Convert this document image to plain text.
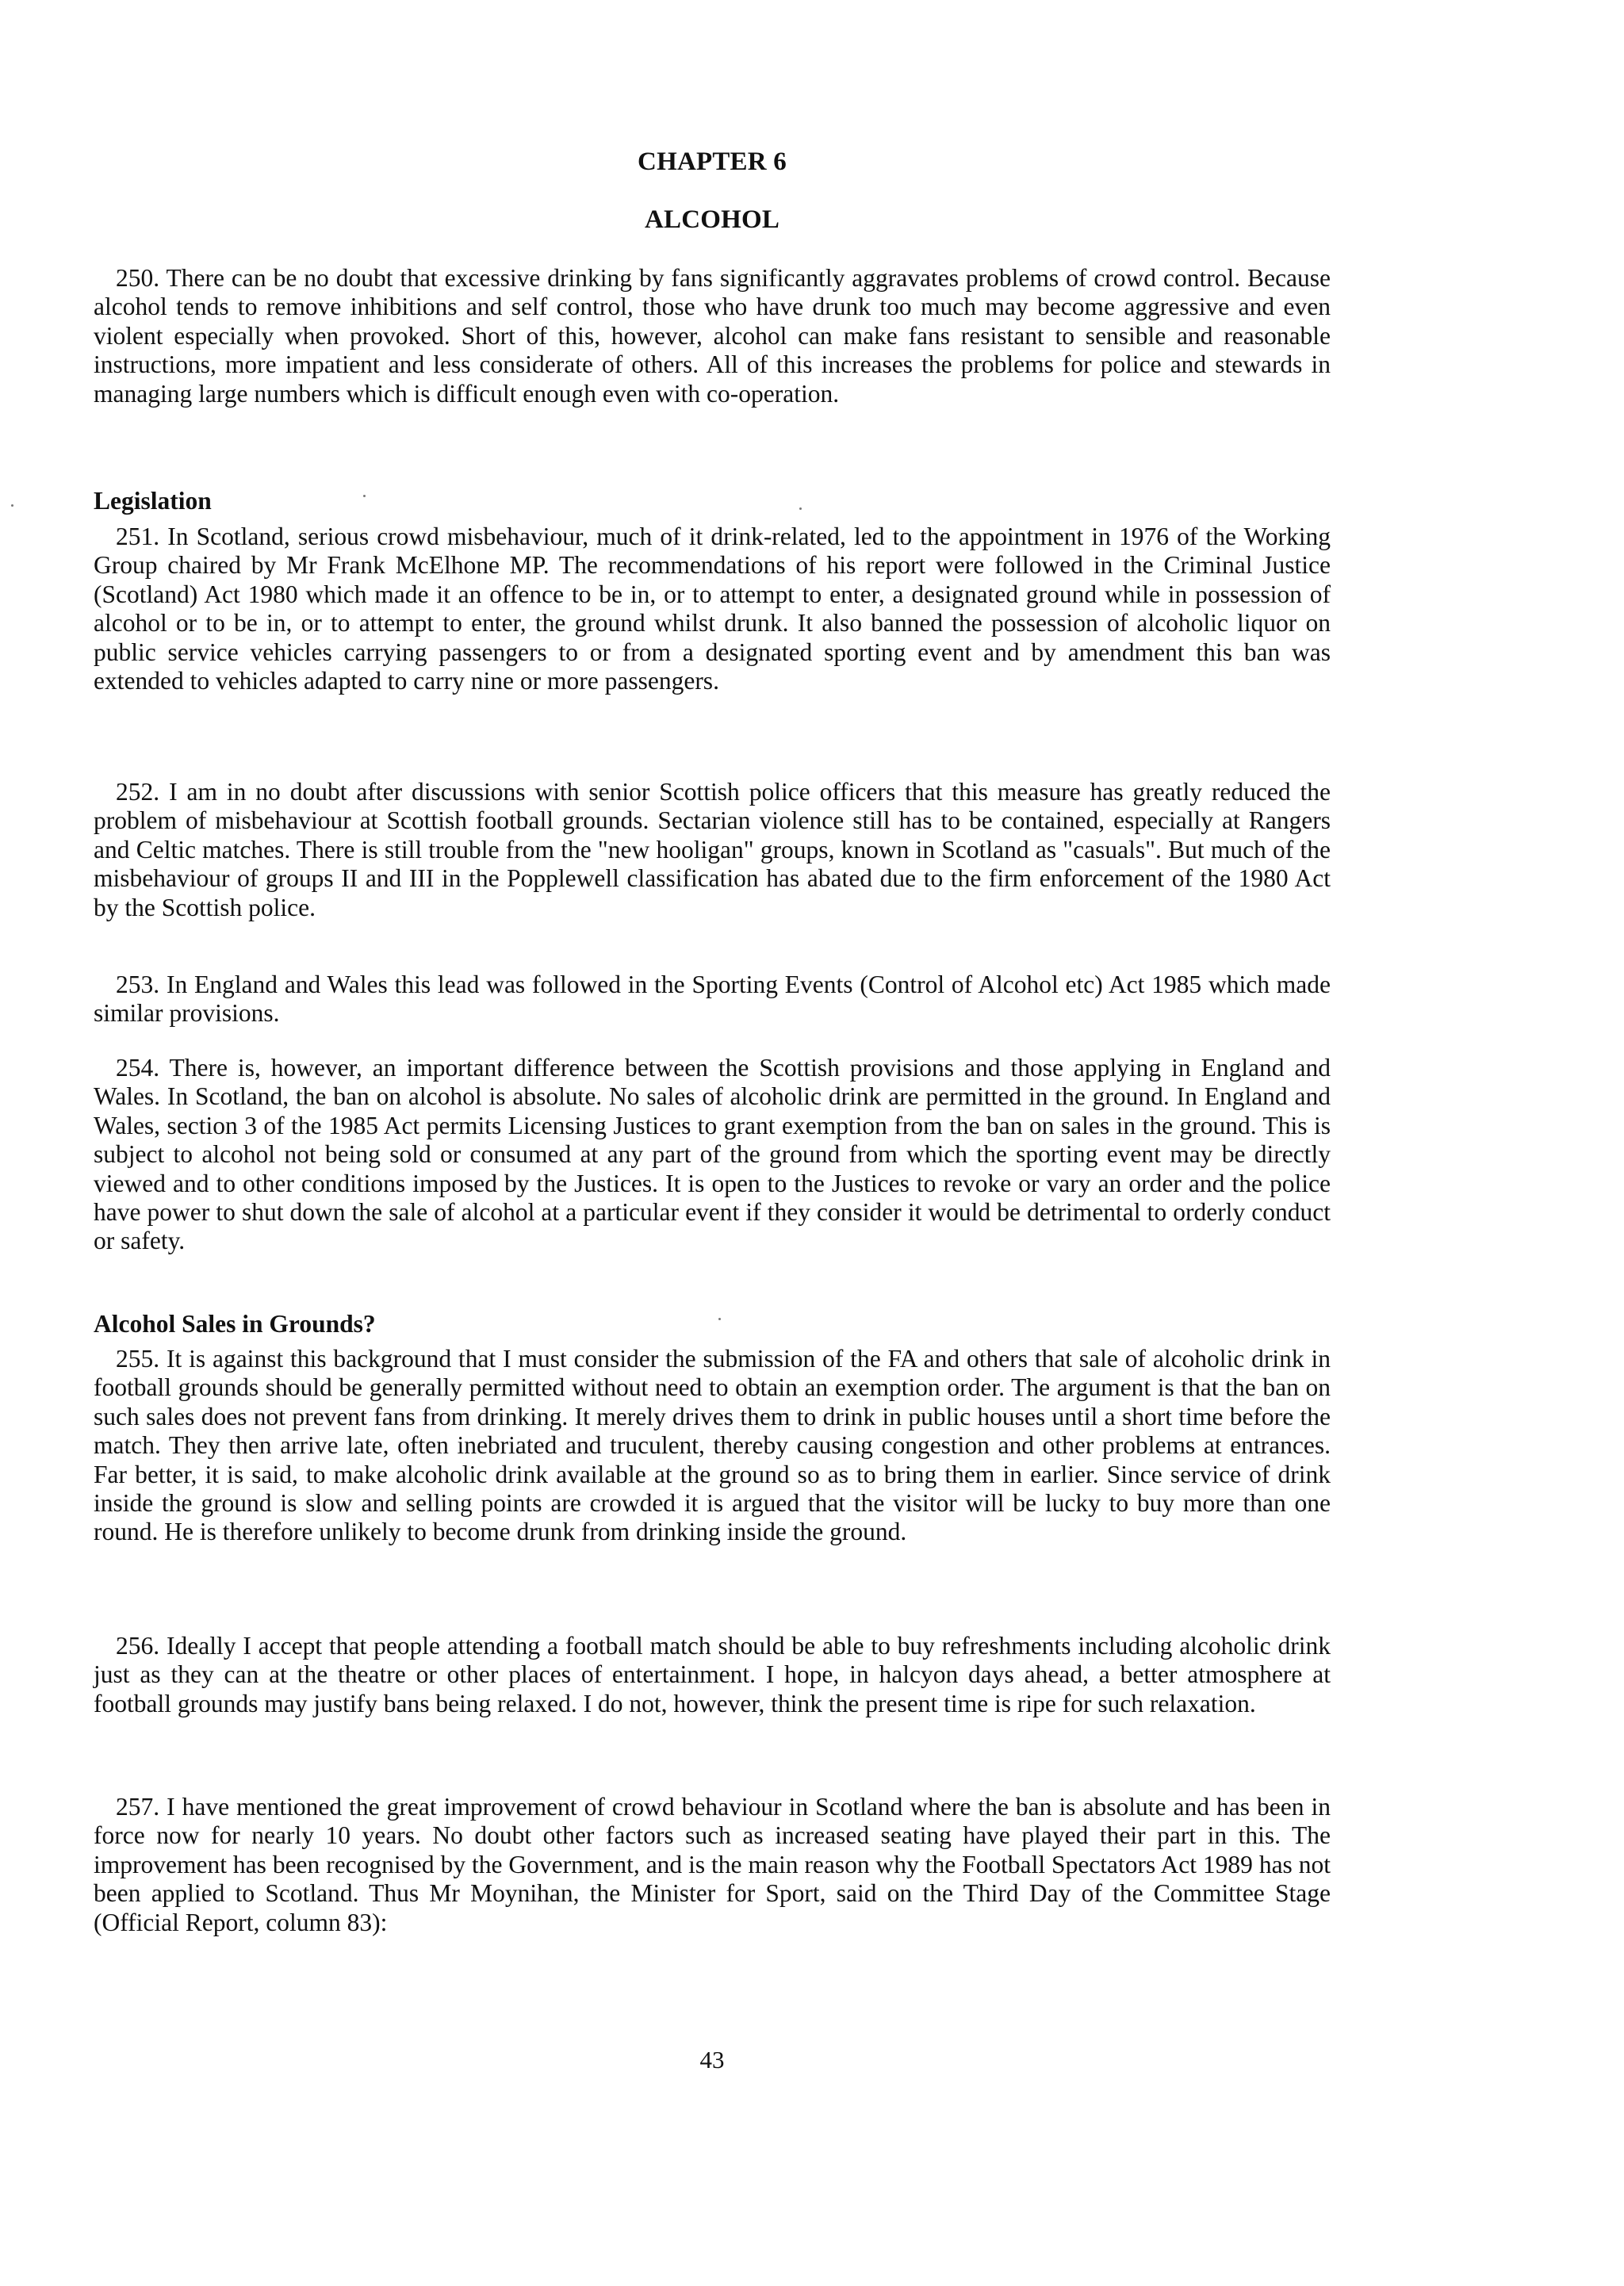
CHAPTER 6
ALCOHOL

250. There can be no doubt that excessive drinking by fans significantly aggravates problems of crowd control. Because alcohol tends to remove inhibitions and self control, those who have drunk too much may become aggressive and even violent especially when provoked. Short of this, however, alcohol can make fans resistant to sensible and reasonable instructions, more impatient and less considerate of others. All of this increases the problems for police and stewards in managing large numbers which is difficult enough even with co-operation.

Legislation

251. In Scotland, serious crowd misbehaviour, much of it drink-related, led to the appointment in 1976 of the Working Group chaired by Mr Frank McElhone MP. The recommendations of his report were followed in the Criminal Justice (Scotland) Act 1980 which made it an offence to be in, or to attempt to enter, a designated ground while in possession of alcohol or to be in, or to attempt to enter, the ground whilst drunk. It also banned the possession of alcoholic liquor on public service vehicles carrying passengers to or from a designated sporting event and by amendment this ban was extended to vehicles adapted to carry nine or more passengers.

252. I am in no doubt after discussions with senior Scottish police officers that this measure has greatly reduced the problem of misbehaviour at Scottish football grounds. Sectarian violence still has to be contained, especially at Rangers and Celtic matches. There is still trouble from the "new hooligan" groups, known in Scotland as "casuals". But much of the misbehaviour of groups II and III in the Popplewell classification has abated due to the firm enforcement of the 1980 Act by the Scottish police.

253. In England and Wales this lead was followed in the Sporting Events (Control of Alcohol etc) Act 1985 which made similar provisions.

254. There is, however, an important difference between the Scottish provisions and those applying in England and Wales. In Scotland, the ban on alcohol is absolute. No sales of alcoholic drink are permitted in the ground. In England and Wales, section 3 of the 1985 Act permits Licensing Justices to grant exemption from the ban on sales in the ground. This is subject to alcohol not being sold or consumed at any part of the ground from which the sporting event may be directly viewed and to other conditions imposed by the Justices. It is open to the Justices to revoke or vary an order and the police have power to shut down the sale of alcohol at a particular event if they consider it would be detrimental to orderly conduct or safety.

Alcohol Sales in Grounds?

255. It is against this background that I must consider the submission of the FA and others that sale of alcoholic drink in football grounds should be generally permitted without need to obtain an exemption order. The argument is that the ban on such sales does not prevent fans from drinking. It merely drives them to drink in public houses until a short time before the match. They then arrive late, often inebriated and truculent, thereby causing congestion and other problems at entrances. Far better, it is said, to make alcoholic drink available at the ground so as to bring them in earlier. Since service of drink inside the ground is slow and selling points are crowded it is argued that the visitor will be lucky to buy more than one round. He is therefore unlikely to become drunk from drinking inside the ground.

256. Ideally I accept that people attending a football match should be able to buy refreshments including alcoholic drink just as they can at the theatre or other places of entertainment. I hope, in halcyon days ahead, a better atmosphere at football grounds may justify bans being relaxed. I do not, however, think the present time is ripe for such relaxation.

257. I have mentioned the great improvement of crowd behaviour in Scotland where the ban is absolute and has been in force now for nearly 10 years. No doubt other factors such as increased seating have played their part in this. The improvement has been recognised by the Government, and is the main reason why the Football Spectators Act 1989 has not been applied to Scotland. Thus Mr Moynihan, the Minister for Sport, said on the Third Day of the Committee Stage (Official Report, column 83):

43
